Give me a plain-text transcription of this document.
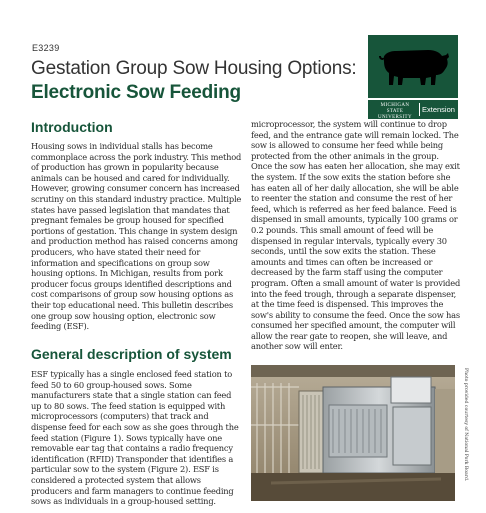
E3239
Gestation Group Sow Housing Options:
Electronic Sow Feeding
MICHIGAN STATE UNIVERSITY
Extension
Introduction
Housing sows in individual stalls has become commonplace across the pork industry. This method of production has grown in popularity because animals can be housed and cared for individually. However, growing consumer concern has increased scrutiny on this standard industry practice. Multiple states have passed legislation that mandates that pregnant females be group housed for specified portions of gestation. This change in system design and production method has raised concerns among producers, who have stated their need for information and specifications on group sow housing options. In Michigan, results from pork producer focus groups identified descriptions and cost comparisons of group sow housing options as their top educational need. This bulletin describes one group sow housing option, electronic sow feeding (ESF).
General description of system
ESF typically has a single enclosed feed station to feed 50 to 60 group-housed sows. Some manufacturers state that a single station can feed up to 80 sows. The feed station is equipped with microprocessors (computers) that track and dispense feed for each sow as she goes through the feed station (Figure 1). Sows typically have one removable ear tag that contains a radio frequency identification (RFID) Transponder that identifies a particular sow to the system (Figure 2). ESF is considered a protected system that allows producers and farm managers to continue feeding sows as individuals in a group-housed setting.
microprocessor, the system will continue to drop feed, and the entrance gate will remain locked. The sow is allowed to consume her feed while being protected from the other animals in the group. Once the sow has eaten her allocation, she may exit the system. If the sow exits the station before she has eaten all of her daily allocation, she will be able to reenter the station and consume the rest of her feed, which is referred as her feed balance. Feed is dispensed in small amounts, typically 100 grams or 0.2 pounds. This small amount of feed will be dispensed in regular intervals, typically every 30 seconds, until the sow exits the station. These amounts and times can often be increased or decreased by the farm staff using the computer program. Often a small amount of water is provided into the feed trough, through a separate dispenser, at the time feed is dispensed. This improves the sow's ability to consume the feed. Once the sow has consumed her specified amount, the computer will allow the rear gate to reopen, she will leave, and another sow will enter.
Photo provided courtesy of National Pork Board.
